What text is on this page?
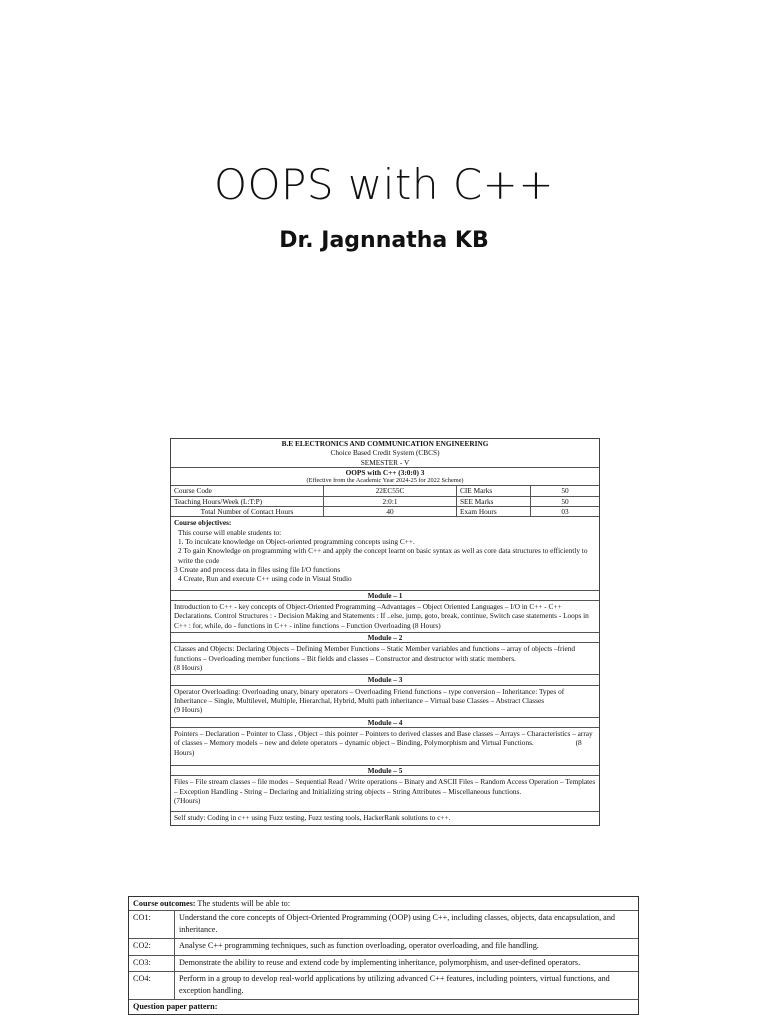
OOPS with C++
Dr. Jagnnatha KB
B.E ELECTRONICS AND COMMUNICATION ENGINEERING
Choice Based Credit System (CBCS)
SEMESTER - V
OOPS with C++ (3:0:0) 3
(Effective from the Academic Year 2024-25 for 2022 Scheme)
Course Code	22EC55C	CIE Marks	50
Teaching Hours/Week (L:T:P)	2:0:1	SEE Marks	50
Total Number of Contact Hours	40	Exam Hours	03

Course objectives:

This course will enable students to:

1. To inculcate knowledge on Object-oriented programming concepts using C++.

2 To gain Knowledge on programming with C++ and apply the concept learnt on basic syntax as well as core data structures to efficiently to write the code

3 Create and process data in files using file I/O functions

4 Create, Run and execute C++ using code in Visual Studio

Module – 1
Introduction to C++ - key concepts of Object-Oriented Programming –Advantages – Object Oriented Languages – I/O in C++ - C++ Declarations. Control Structures : - Decision Making and Statements : If ..else, jump, goto, break, continue, Switch case statements - Loops in C++ : for, while, do - functions in C++ - inline functions – Function Overloading (8 Hours)
Module – 2
Classes and Objects: Declaring Objects – Defining Member Functions – Static Member variables and functions – array of objects –friend functions – Overloading member functions – Bit fields and classes – Constructor and destructor with static members.
(8 Hours)
Module – 3
Operator Overloading: Overloading unary, binary operators – Overloading Friend functions – type conversion – Inheritance: Types of Inheritance – Single, Multilevel, Multiple, Hierarchal, Hybrid, Multi path inheritance – Virtual base Classes – Abstract Classes
(9 Hours)
Module – 4
Pointers – Declaration – Pointer to Class , Object – this pointer – Pointers to derived classes and Base classes – Arrays – Characteristics – array of classes – Memory models – new and delete operators – dynamic object – Binding, Polymorphism and Virtual Functions.	(8 Hours)
Module – 5
Files – File stream classes – file modes – Sequential Read / Write operations – Binary and ASCII Files – Random Access Operation – Templates – Exception Handling - String – Declaring and Initializing string objects – String Attributes – Miscellaneous functions.
(7Hours)
Self study: Coding in c++ using Fuzz testing, Fuzz testing tools, HackerRank solutions to c++.
Course outcomes: The students will be able to:
CO1:	Understand the core concepts of Object-Oriented Programming (OOP) using C++, including classes, objects, data encapsulation, and inheritance.
CO2:	Analyse C++ programming techniques, such as function overloading, operator overloading, and file handling.
CO3:	Demonstrate the ability to reuse and extend code by implementing inheritance, polymorphism, and user-defined operators.
CO4:	Perform in a group to develop real-world applications by utilizing advanced C++ features, including pointers, virtual functions, and exception handling.
Question paper pattern:
